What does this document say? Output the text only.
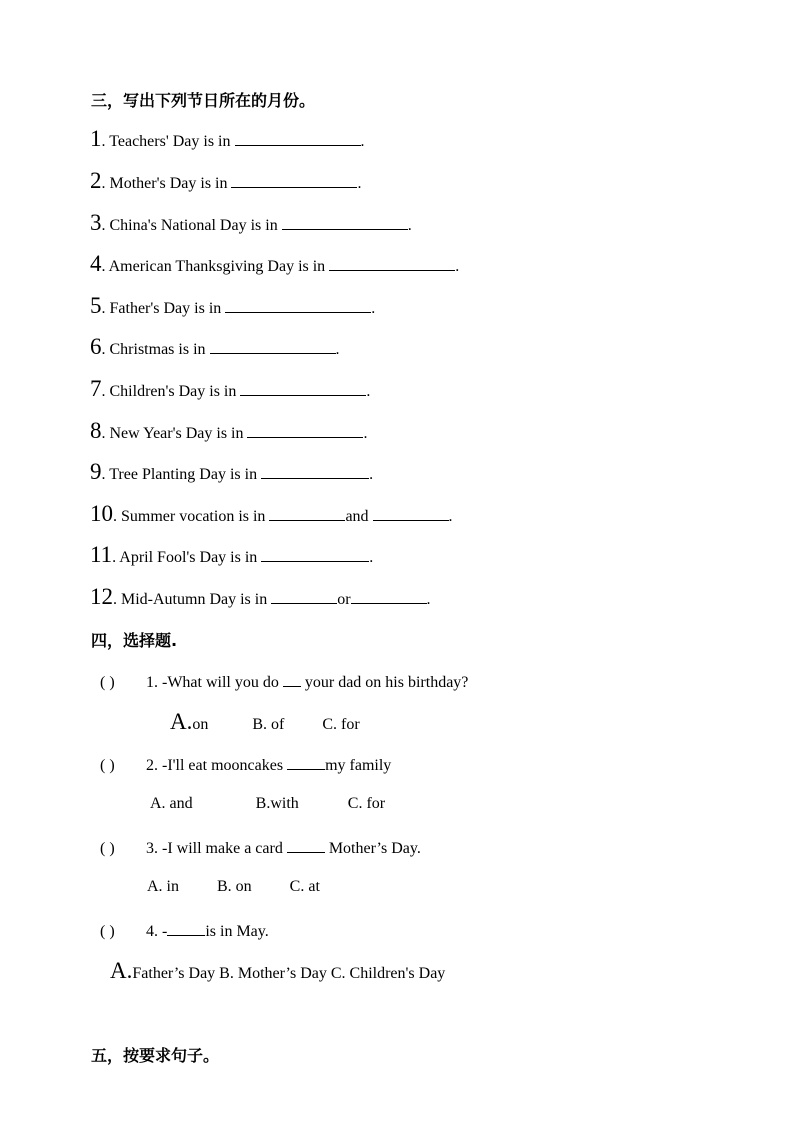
三，写出下列节日所在的月份。
1. Teachers' Day is in	.
2. Mother's Day is in	.
3. China's National Day is in	.
4. American Thanksgiving Day is in	.
5. Father's Day is in	.
6. Christmas is in	.
7. Children's Day is in	.
8. New Year's Day is in	.
9. Tree Planting Day is in	.
10. Summer vocation is in	and	.
11. April Fool's Day is in	.
12. Mid-Autumn Day is in	or	.
四，选择题.
( ) 1. -What will you do  your dad on his birthday?
A.on	B. of C. for
( ) 2. -I'll eat mooncakes my family
A. and	B.with	C. for
( ) 3. -I will make a card  Mother’s Day.
A. in B. on C. at
( ) 4. - is in May.
A.Father’s Day B. Mother’s Day C. Children's Day
五，按要求句子。
